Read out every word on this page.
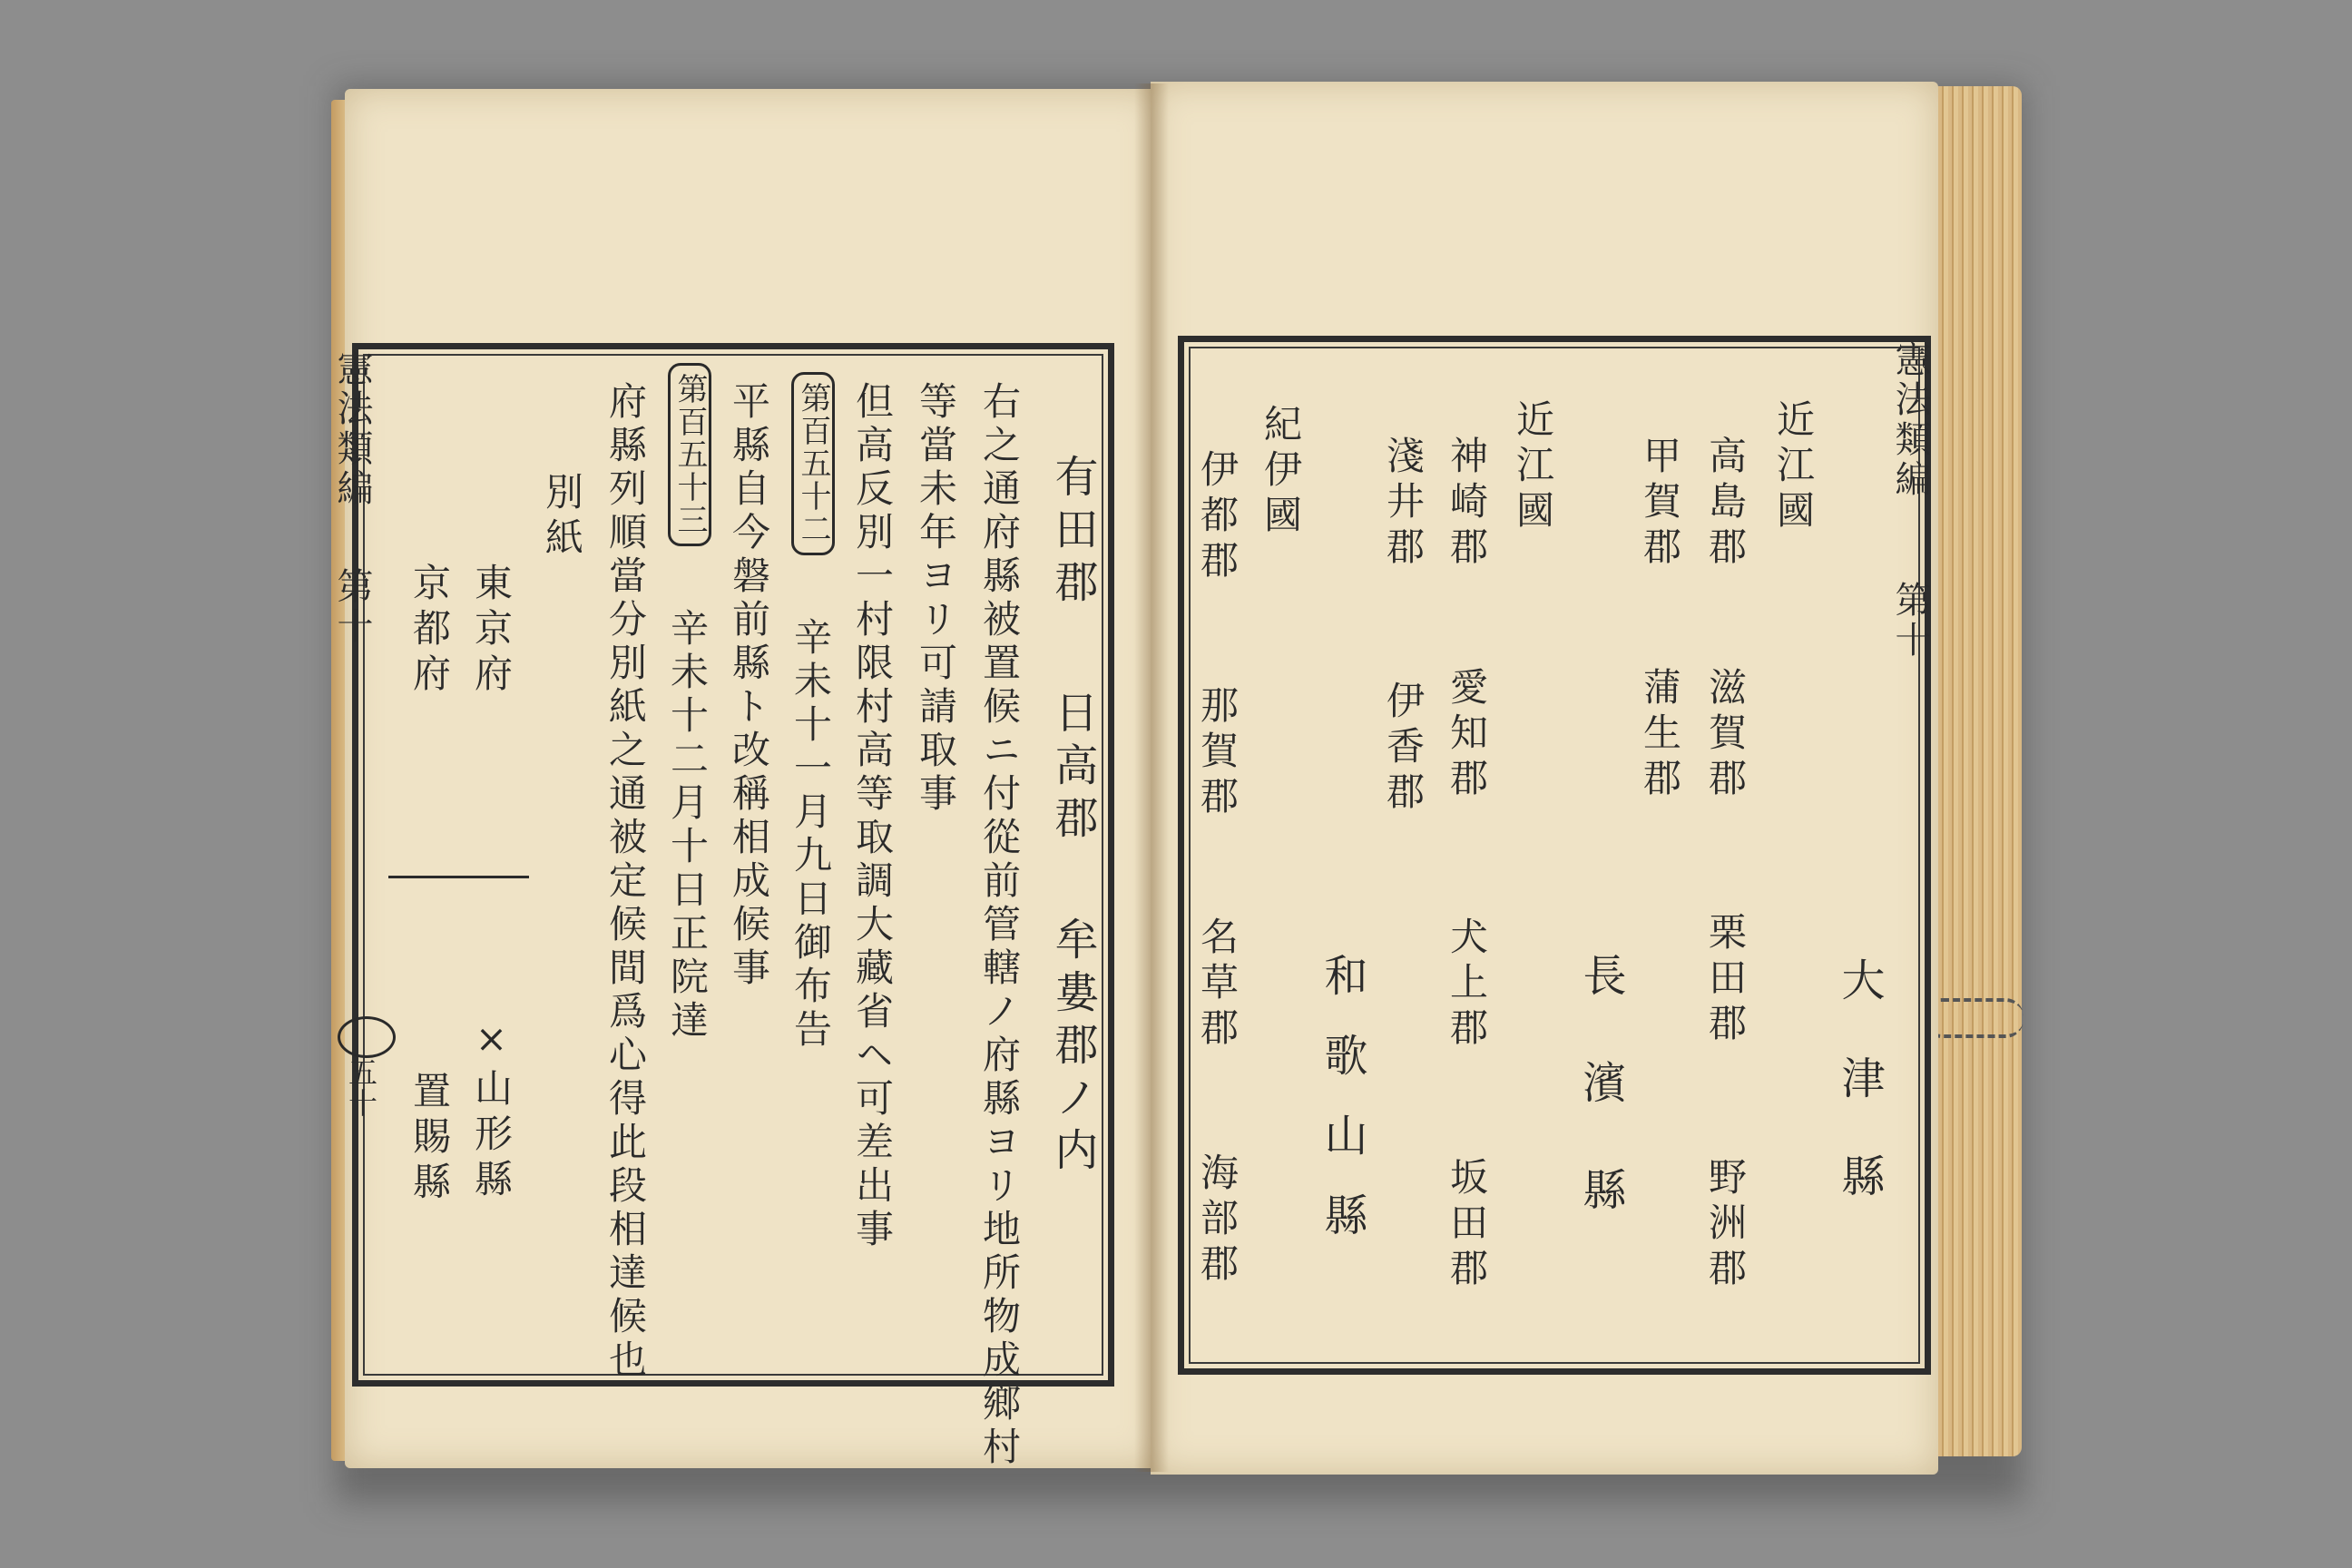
憲法類編
第十
五十
有田郡
日高郡
牟婁郡ノ内
右之通府縣被置候ニ付從前管轄ノ府縣ヨリ地所物成鄉村
等當未年ヨリ可請取事
但高反別一村限村高等取調大藏省ヘ可差出事
第百五十二
辛未十一月九日御布告
平縣自今磐前縣ト改稱相成候事
第百五十三
辛未十二月十日正院達
府縣列順當分別紙之通被定候間爲心得此段相達候也
別紙
東京府
京都府
×山形縣
置賜縣
憲法類編
第十
近江國
高島郡
滋賀郡
栗田郡 大津縣
野洲郡
甲賀郡
蒲生郡
長濱縣
近江國
神崎郡
愛知郡
犬上郡
坂田郡
淺井郡
伊香郡
和歌山縣
紀伊國
伊都郡
那賀郡
名草郡
海部郡
